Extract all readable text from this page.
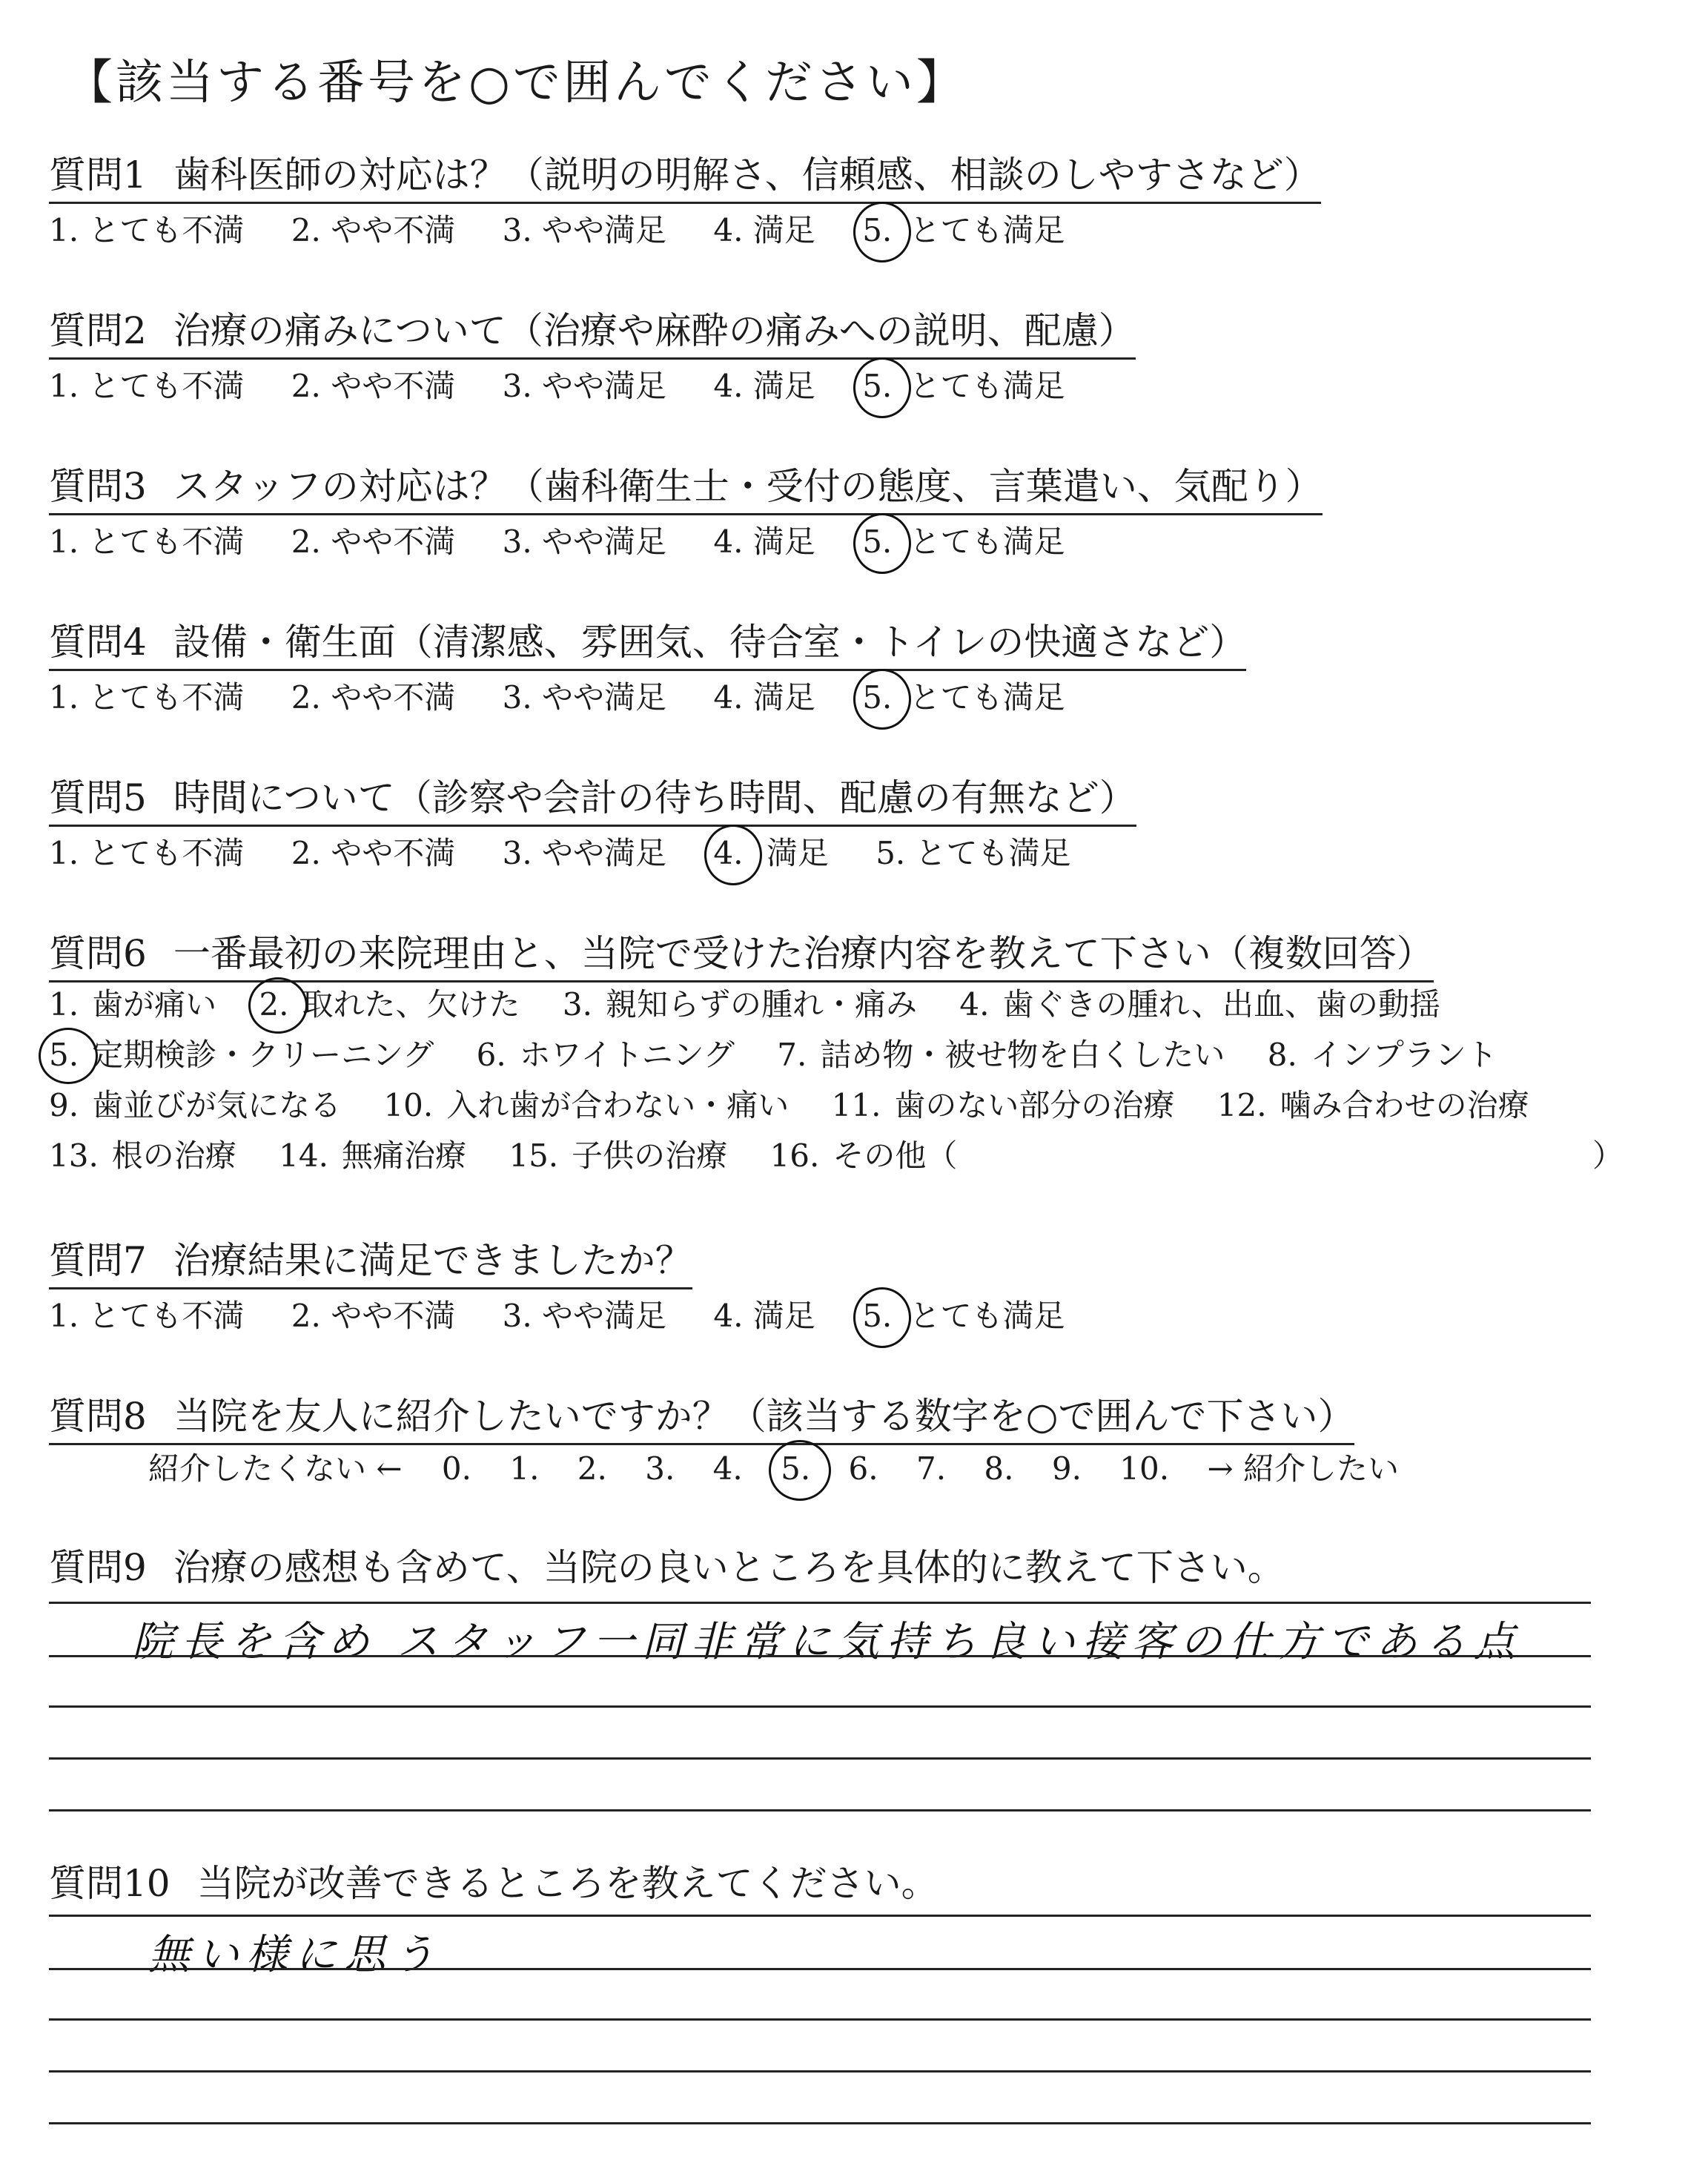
【該当する番号を○で囲んでください】
質問1 歯科医師の対応は？（説明の明解さ、信頼感、相談のしやすさなど）
1. とても不満 2. やや不満 3. やや満足 4. 満足 5. とても満足
質問2 治療の痛みについて（治療や麻酔の痛みへの説明、配慮）
1. とても不満 2. やや不満 3. やや満足 4. 満足 5. とても満足
質問3 スタッフの対応は？（歯科衛生士・受付の態度、言葉遣い、気配り）
1. とても不満 2. やや不満 3. やや満足 4. 満足 5. とても満足
質問4 設備・衛生面（清潔感、雰囲気、待合室・トイレの快適さなど）
1. とても不満 2. やや不満 3. やや満足 4. 満足 5. とても満足
質問5 時間について（診察や会計の待ち時間、配慮の有無など）
1. とても不満 2. やや不満 3. やや満足 4. 満足 5. とても満足
質問6 一番最初の来院理由と、当院で受けた治療内容を教えて下さい（複数回答）
1. 歯が痛い 2. 取れた、欠けた 3. 親知らずの腫れ・痛み 4. 歯ぐきの腫れ、出血、歯の動揺
5. 定期検診・クリーニング 6. ホワイトニング 7. 詰め物・被せ物を白くしたい 8. インプラント
9. 歯並びが気になる 10. 入れ歯が合わない・痛い 11. 歯のない部分の治療 12. 噛み合わせの治療
13. 根の治療 14. 無痛治療 15. 子供の治療 16. その他（	）
質問7 治療結果に満足できましたか？
1. とても不満 2. やや不満 3. やや満足 4. 満足 5. とても満足
質問8 当院を友人に紹介したいですか？（該当する数字を○で囲んで下さい）
紹介したくない ← 0. 1. 2. 3. 4. 5. 6. 7. 8. 9. 10. → 紹介したい
質問9 治療の感想も含めて、当院の良いところを具体的に教えて下さい。
院長を含め スタッフ一同非常に気持ち良い接客の仕方である点
質問10 当院が改善できるところを教えてください。
無い様に思う
